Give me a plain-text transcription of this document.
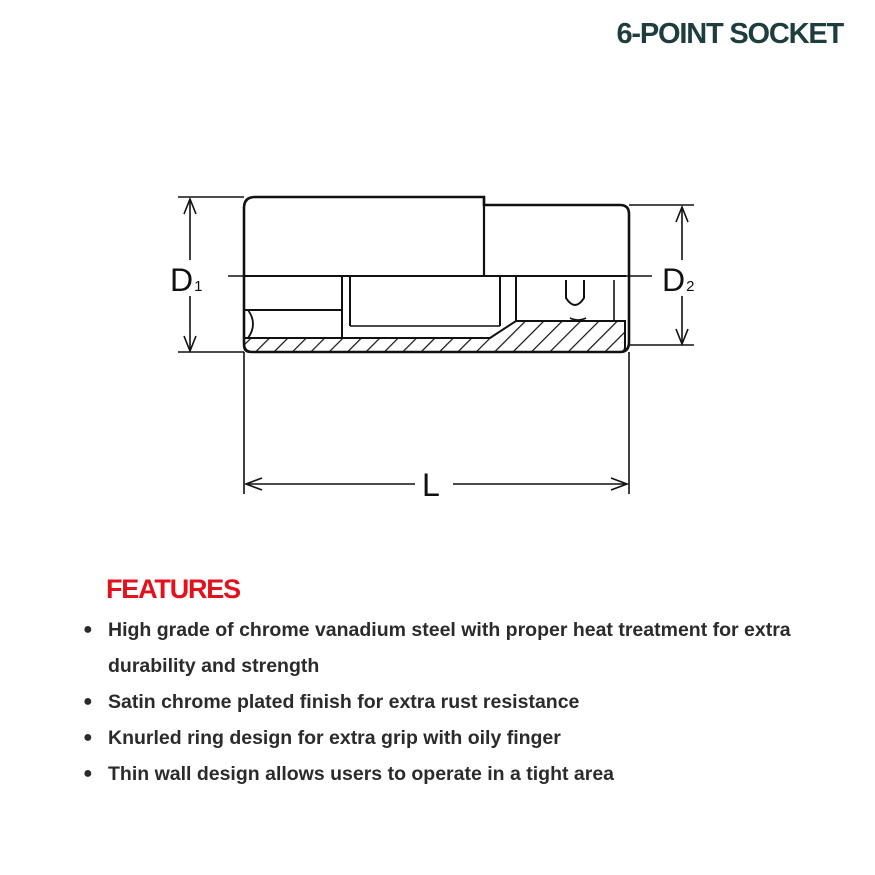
6-POINT SOCKET
D1	D2
L
FEATURES
● High grade of chrome vanadium steel with proper heat treatment for extra durability and strength
● Satin chrome plated finish for extra rust resistance
● Knurled ring design for extra grip with oily finger
● Thin wall design allows users to operate in a tight area
